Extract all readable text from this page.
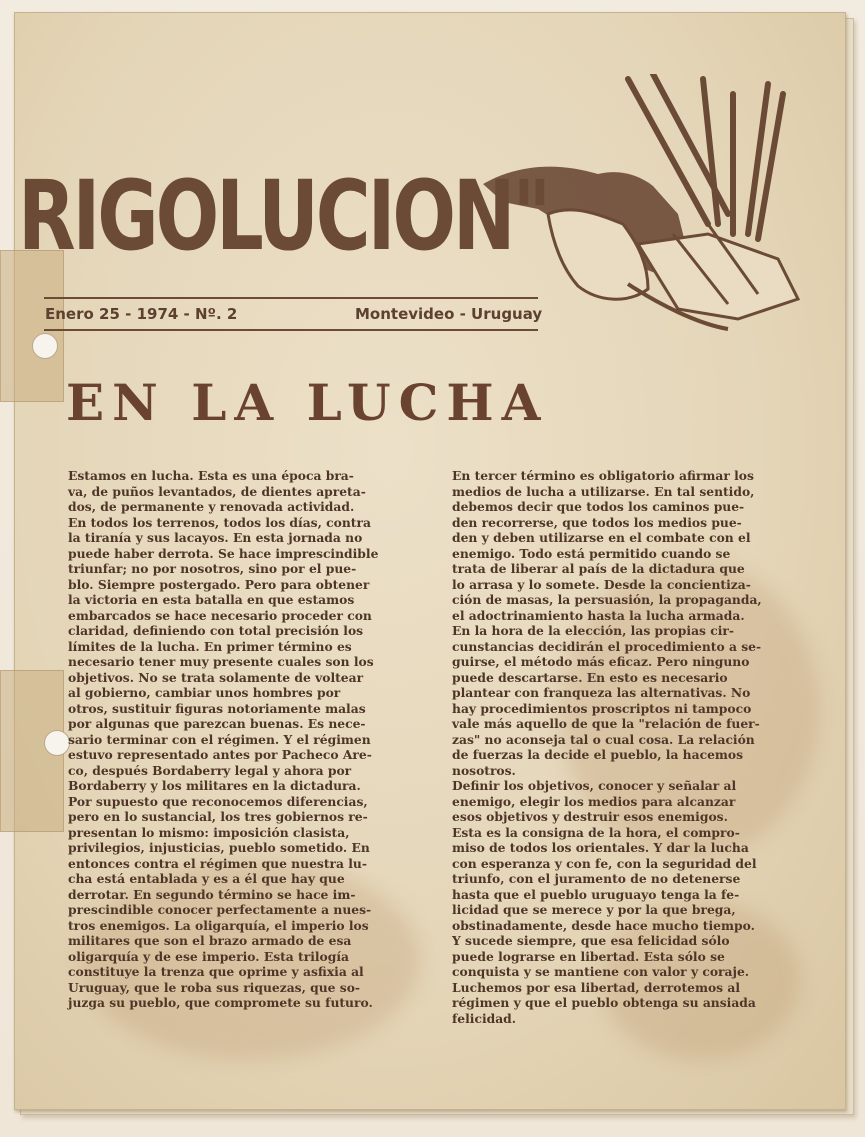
RIGOLUCION"
Enero 25 - 1974 - Nº. 2	Montevideo - Uruguay
EN LA LUCHA
Estamos en lucha. Esta es una época bra-
va, de puños levantados, de dientes apreta-
dos, de permanente y renovada actividad.
En todos los terrenos, todos los días, contra
la tiranía y sus lacayos. En esta jornada no
puede haber derrota. Se hace imprescindible
triunfar; no por nosotros, sino por el pue-
blo. Siempre postergado. Pero para obtener
la victoria en esta batalla en que estamos
embarcados se hace necesario proceder con
claridad, definiendo con total precisión los
límites de la lucha. En primer término es
necesario tener muy presente cuales son los
objetivos. No se trata solamente de voltear
al gobierno, cambiar unos hombres por
otros, sustituir figuras notoriamente malas
por algunas que parezcan buenas. Es nece-
sario terminar con el régimen. Y el régimen
estuvo representado antes por Pacheco Are-
co, después Bordaberry legal y ahora por
Bordaberry y los militares en la dictadura.
Por supuesto que reconocemos diferencias,
pero en lo sustancial, los tres gobiernos re-
presentan lo mismo: imposición clasista,
privilegios, injusticias, pueblo sometido. En
entonces contra el régimen que nuestra lu-
cha está entablada y es a él que hay que
derrotar. En segundo término se hace im-
prescindible conocer perfectamente a nues-
tros enemigos. La oligarquía, el imperio los
militares que son el brazo armado de esa
oligarquía y de ese imperio. Esta trilogía
constituye la trenza que oprime y asfixia al
Uruguay, que le roba sus riquezas, que so-
juzga su pueblo, que compromete su futuro.
En tercer término es obligatorio afirmar los
medios de lucha a utilizarse. En tal sentido,
debemos decir que todos los caminos pue-
den recorrerse, que todos los medios pue-
den y deben utilizarse en el combate con el
enemigo. Todo está permitido cuando se
trata de liberar al país de la dictadura que
lo arrasa y lo somete. Desde la concientiza-
ción de masas, la persuasión, la propaganda,
el adoctrinamiento hasta la lucha armada.
En la hora de la elección, las propias cir-
cunstancias decidirán el procedimiento a se-
guirse, el método más eficaz. Pero ninguno
puede descartarse. En esto es necesario
plantear con franqueza las alternativas. No
hay procedimientos proscriptos ni tampoco
vale más aquello de que la "relación de fuer-
zas" no aconseja tal o cual cosa. La relación
de fuerzas la decide el pueblo, la hacemos
nosotros.
Definir los objetivos, conocer y señalar al
enemigo, elegir los medios para alcanzar
esos objetivos y destruir esos enemigos.
Esta es la consigna de la hora, el compro-
miso de todos los orientales. Y dar la lucha
con esperanza y con fe, con la seguridad del
triunfo, con el juramento de no detenerse
hasta que el pueblo uruguayo tenga la fe-
licidad que se merece y por la que brega,
obstinadamente, desde hace mucho tiempo.
Y sucede siempre, que esa felicidad sólo
puede lograrse en libertad. Esta sólo se
conquista y se mantiene con valor y coraje.
Luchemos por esa libertad, derrotemos al
régimen y que el pueblo obtenga su ansiada
felicidad.
